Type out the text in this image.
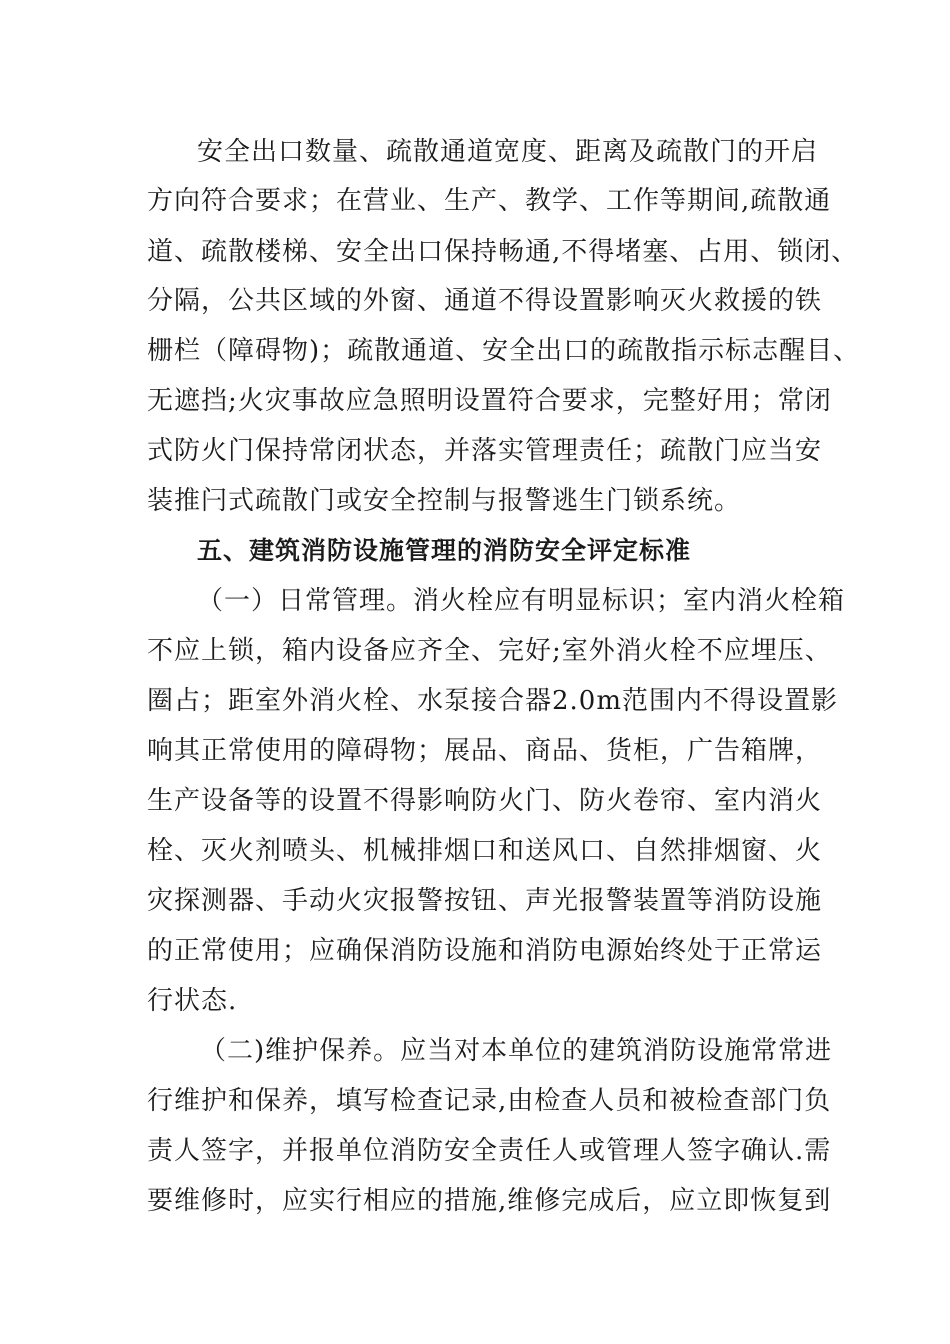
安全出口数量、疏散通道宽度、距离及疏散门的开启
方向符合要求；在营业、生产、教学、工作等期间,疏散通
道、疏散楼梯、安全出口保持畅通,不得堵塞、占用、锁闭、
分隔，公共区域的外窗、通道不得设置影响灭火救援的铁
栅栏（障碍物)；疏散通道、安全出口的疏散指示标志醒目、
无遮挡;火灾事故应急照明设置符合要求，完整好用；常闭
式防火门保持常闭状态，并落实管理责任；疏散门应当安
装推闩式疏散门或安全控制与报警逃生门锁系统。
五、建筑消防设施管理的消防安全评定标准
（一）日常管理。消火栓应有明显标识；室内消火栓箱
不应上锁，箱内设备应齐全、完好;室外消火栓不应埋压、
圈占；距室外消火栓、水泵接合器2.0m范围内不得设置影
响其正常使用的障碍物；展品、商品、货柜，广告箱牌，
生产设备等的设置不得影响防火门、防火卷帘、室内消火
栓、灭火剂喷头、机械排烟口和送风口、自然排烟窗、火
灾探测器、手动火灾报警按钮、声光报警装置等消防设施
的正常使用；应确保消防设施和消防电源始终处于正常运
行状态.
（二)维护保养。应当对本单位的建筑消防设施常常进
行维护和保养，填写检查记录,由检查人员和被检查部门负
责人签字，并报单位消防安全责任人或管理人签字确认.需
要维修时，应实行相应的措施,维修完成后，应立即恢复到
